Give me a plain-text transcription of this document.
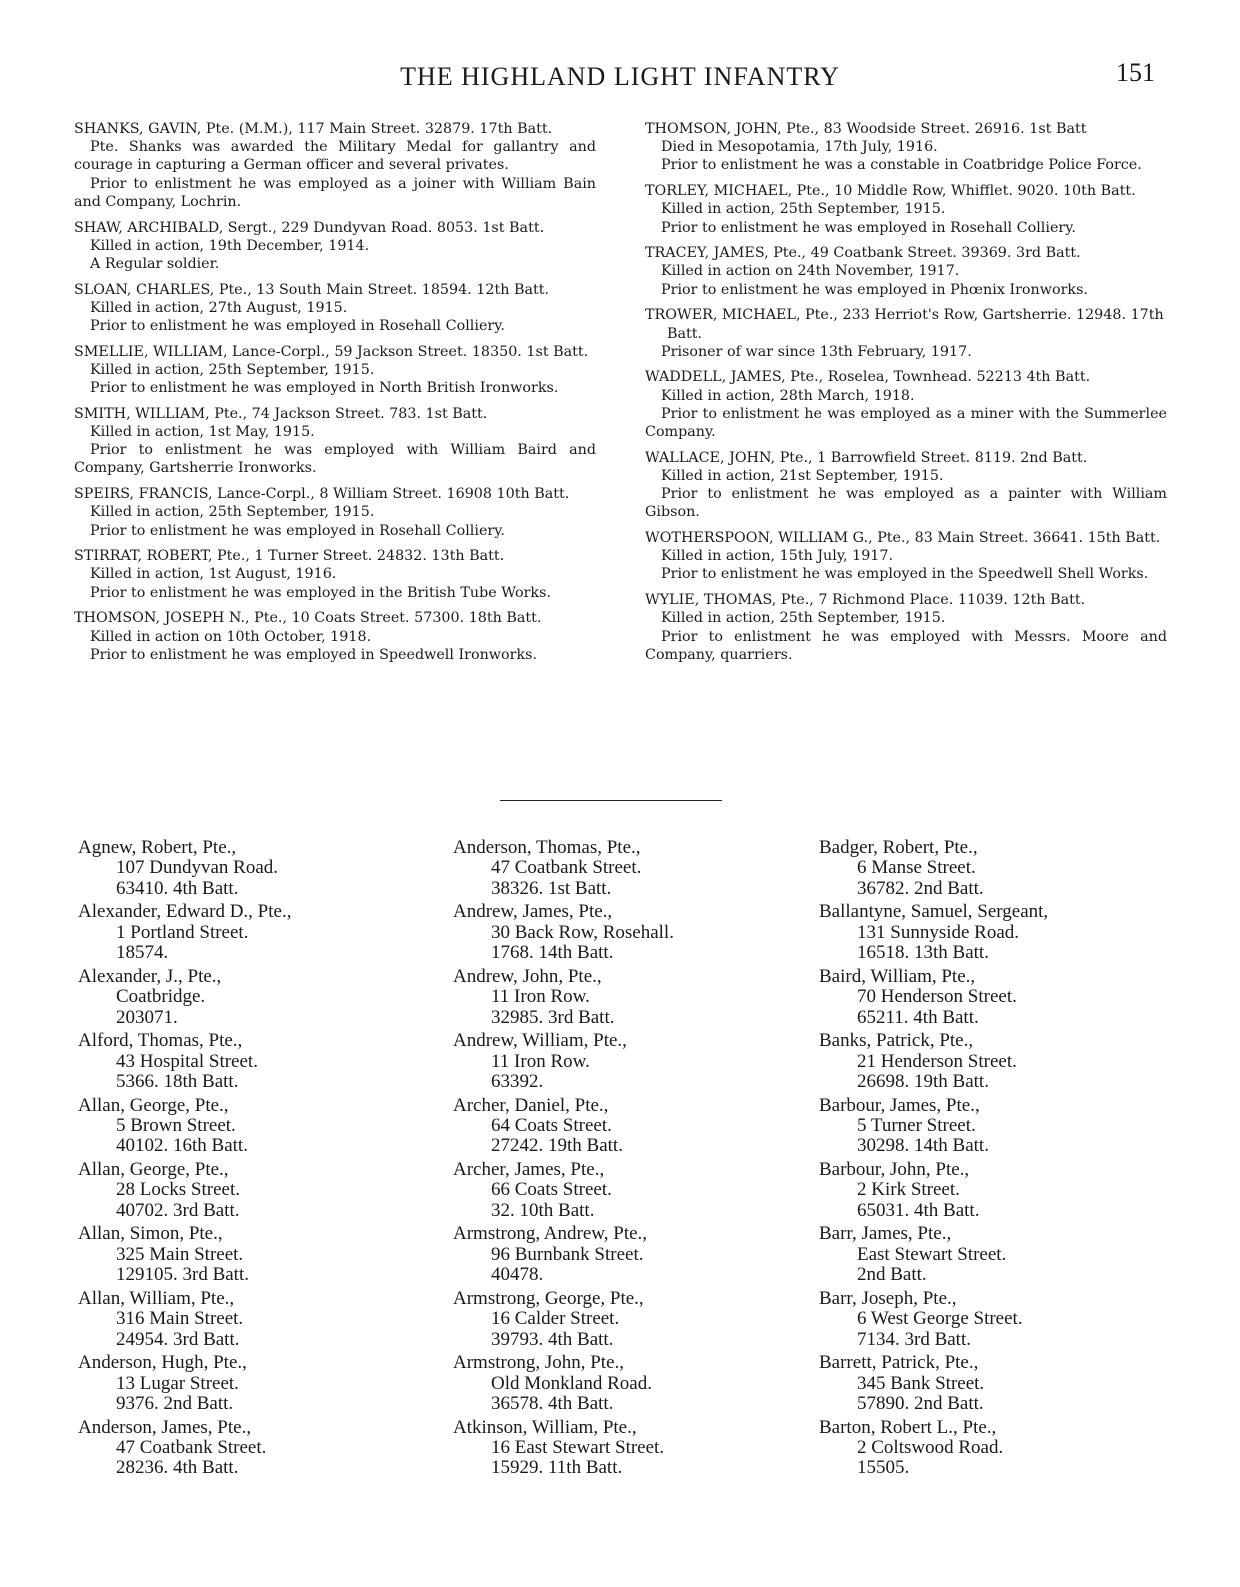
THE HIGHLAND LIGHT INFANTRY	151

SHANKS, GAVIN, Pte. (M.M.), 117 Main Street. 32879. 17th Batt.

Pte. Shanks was awarded the Military Medal for gallantry and courage in capturing a German officer and several privates.

Prior to enlistment he was employed as a joiner with William Bain and Company, Lochrin.

SHAW, ARCHIBALD, Sergt., 229 Dundyvan Road. 8053. 1st Batt.

Killed in action, 19th December, 1914.

A Regular soldier.

SLOAN, CHARLES, Pte., 13 South Main Street. 18594. 12th Batt.

Killed in action, 27th August, 1915.

Prior to enlistment he was employed in Rosehall Colliery.

SMELLIE, WILLIAM, Lance-Corpl., 59 Jackson Street. 18350. 1st Batt.

Killed in action, 25th September, 1915.

Prior to enlistment he was employed in North British Ironworks.

SMITH, WILLIAM, Pte., 74 Jackson Street. 783. 1st Batt.

Killed in action, 1st May, 1915.

Prior to enlistment he was employed with William Baird and Company, Gartsherrie Ironworks.

SPEIRS, FRANCIS, Lance-Corpl., 8 William Street. 16908 10th Batt.

Killed in action, 25th September, 1915.

Prior to enlistment he was employed in Rosehall Colliery.

STIRRAT, ROBERT, Pte., 1 Turner Street. 24832. 13th Batt.

Killed in action, 1st August, 1916.

Prior to enlistment he was employed in the British Tube Works.

THOMSON, JOSEPH N., Pte., 10 Coats Street. 57300. 18th Batt.

Killed in action on 10th October, 1918.

Prior to enlistment he was employed in Speedwell Ironworks.

THOMSON, JOHN, Pte., 83 Woodside Street. 26916. 1st Batt

Died in Mesopotamia, 17th July, 1916.

Prior to enlistment he was a constable in Coatbridge Police Force.

TORLEY, MICHAEL, Pte., 10 Middle Row, Whifflet. 9020. 10th Batt.

Killed in action, 25th September, 1915.

Prior to enlistment he was employed in Rosehall Colliery.

TRACEY, JAMES, Pte., 49 Coatbank Street. 39369. 3rd Batt.

Killed in action on 24th November, 1917.

Prior to enlistment he was employed in Phœnix Ironworks.

TROWER, MICHAEL, Pte., 233 Herriot's Row, Gartsherrie. 12948. 17th Batt.

Prisoner of war since 13th February, 1917.

WADDELL, JAMES, Pte., Roselea, Townhead. 52213 4th Batt.

Killed in action, 28th March, 1918.

Prior to enlistment he was employed as a miner with the Summerlee Company.

WALLACE, JOHN, Pte., 1 Barrowfield Street. 8119. 2nd Batt.

Killed in action, 21st September, 1915.

Prior to enlistment he was employed as a painter with William Gibson.

WOTHERSPOON, WILLIAM G., Pte., 83 Main Street. 36641. 15th Batt.

Killed in action, 15th July, 1917.

Prior to enlistment he was employed in the Speedwell Shell Works.

WYLIE, THOMAS, Pte., 7 Richmond Place. 11039. 12th Batt.

Killed in action, 25th September, 1915.

Prior to enlistment he was employed with Messrs. Moore and Company, quarriers.

Agnew, Robert, Pte.,
107 Dundyvan Road.
63410. 4th Batt.
Alexander, Edward D., Pte.,
1 Portland Street.
18574.
Alexander, J., Pte.,
Coatbridge.
203071.
Alford, Thomas, Pte.,
43 Hospital Street.
5366. 18th Batt.
Allan, George, Pte.,
5 Brown Street.
40102. 16th Batt.
Allan, George, Pte.,
28 Locks Street.
40702. 3rd Batt.
Allan, Simon, Pte.,
325 Main Street.
129105. 3rd Batt.
Allan, William, Pte.,
316 Main Street.
24954. 3rd Batt.
Anderson, Hugh, Pte.,
13 Lugar Street.
9376. 2nd Batt.
Anderson, James, Pte.,
47 Coatbank Street.
28236. 4th Batt.
Anderson, Thomas, Pte.,
47 Coatbank Street.
38326. 1st Batt.
Andrew, James, Pte.,
30 Back Row, Rosehall.
1768. 14th Batt.
Andrew, John, Pte.,
11 Iron Row.
32985. 3rd Batt.
Andrew, William, Pte.,
11 Iron Row.
63392.
Archer, Daniel, Pte.,
64 Coats Street.
27242. 19th Batt.
Archer, James, Pte.,
66 Coats Street.
32. 10th Batt.
Armstrong, Andrew, Pte.,
96 Burnbank Street.
40478.
Armstrong, George, Pte.,
16 Calder Street.
39793. 4th Batt.
Armstrong, John, Pte.,
Old Monkland Road.
36578. 4th Batt.
Atkinson, William, Pte.,
16 East Stewart Street.
15929. 11th Batt.
Badger, Robert, Pte.,
6 Manse Street.
36782. 2nd Batt.
Ballantyne, Samuel, Sergeant,
131 Sunnyside Road.
16518. 13th Batt.
Baird, William, Pte.,
70 Henderson Street.
65211. 4th Batt.
Banks, Patrick, Pte.,
21 Henderson Street.
26698. 19th Batt.
Barbour, James, Pte.,
5 Turner Street.
30298. 14th Batt.
Barbour, John, Pte.,
2 Kirk Street.
65031. 4th Batt.
Barr, James, Pte.,
East Stewart Street.
2nd Batt.
Barr, Joseph, Pte.,
6 West George Street.
7134. 3rd Batt.
Barrett, Patrick, Pte.,
345 Bank Street.
57890. 2nd Batt.
Barton, Robert L., Pte.,
2 Coltswood Road.
15505.
